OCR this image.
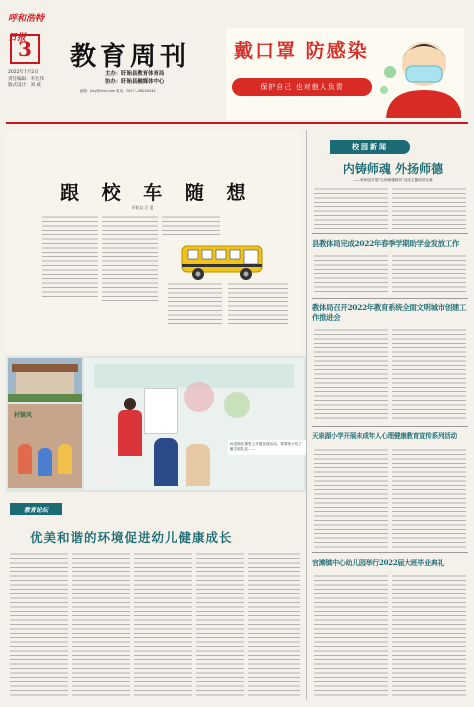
呼和浩特日报
3 教育周刊
2022年7月2日
责任编辑：李宏伟
版式设计：刘 威
主办：盱眙县教育体育局
协办：盱眙县融媒体中心
邮箱：jtxy@sina.com 电话：0517—88224344
戴口罩 防感染
保护自己 也对他人负责
跟 校 车 随 想
盱眙县 汪 蕾
村镇风
孙老师在课堂上开展各项活动，带领孩子们了解文明礼仪……
教育论坛
优美和谐的环境促进幼儿健康成长
校园新闻
内铸师魂 外扬师德
——盱眙县开展“弘扬师德师风”活动主题演讲比赛
县教体局完成2022年春季学期助学金发放工作
教体局召开2022年教育系统全面文明城市创建工作推进会
天泉湖小学开展未成年人心理健康教育宣传系列活动
官滩镇中心幼儿园举行2022届大班毕业典礼
